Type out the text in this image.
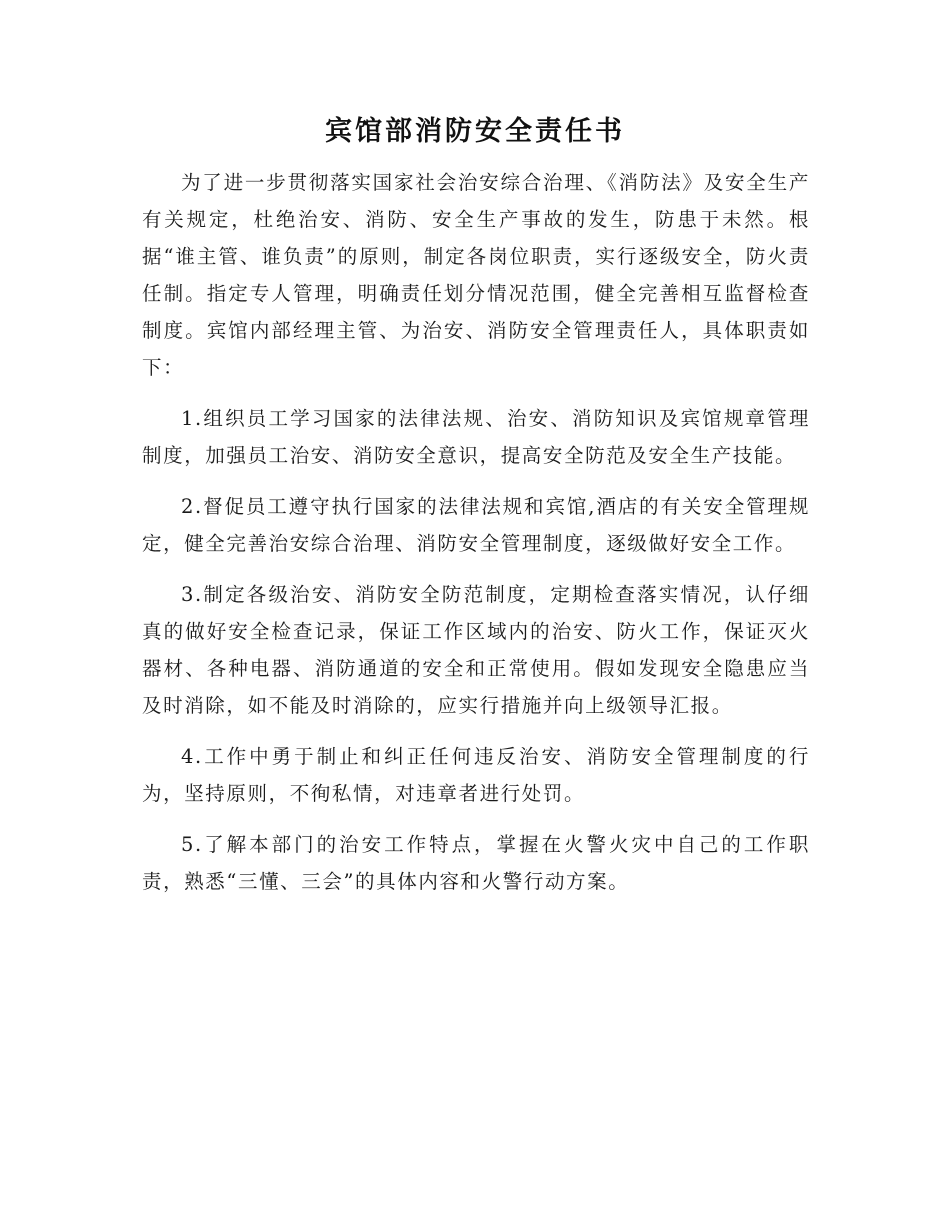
宾馆部消防安全责任书

为了进一步贯彻落实国家社会治安综合治理、《消防法》及安全生产有关规定，杜绝治安、消防、安全生产事故的发生，防患于未然。根据“谁主管、谁负责”的原则，制定各岗位职责，实行逐级安全，防火责任制。指定专人管理，明确责任划分情况范围，健全完善相互监督检查制度。宾馆内部经理主管、为治安、消防安全管理责任人，具体职责如下：

1.组织员工学习国家的法律法规、治安、消防知识及宾馆规章管理制度，加强员工治安、消防安全意识，提高安全防范及安全生产技能。

2.督促员工遵守执行国家的法律法规和宾馆,酒店的有关安全管理规定，健全完善治安综合治理、消防安全管理制度，逐级做好安全工作。

3.制定各级治安、消防安全防范制度，定期检查落实情况，认仔细真的做好安全检查记录，保证工作区域内的治安、防火工作，保证灭火器材、各种电器、消防通道的安全和正常使用。假如发现安全隐患应当及时消除，如不能及时消除的，应实行措施并向上级领导汇报。

4.工作中勇于制止和纠正任何违反治安、消防安全管理制度的行为，坚持原则，不徇私情，对违章者进行处罚。

5.了解本部门的治安工作特点，掌握在火警火灾中自己的工作职责，熟悉“三懂、三会”的具体内容和火警行动方案。
